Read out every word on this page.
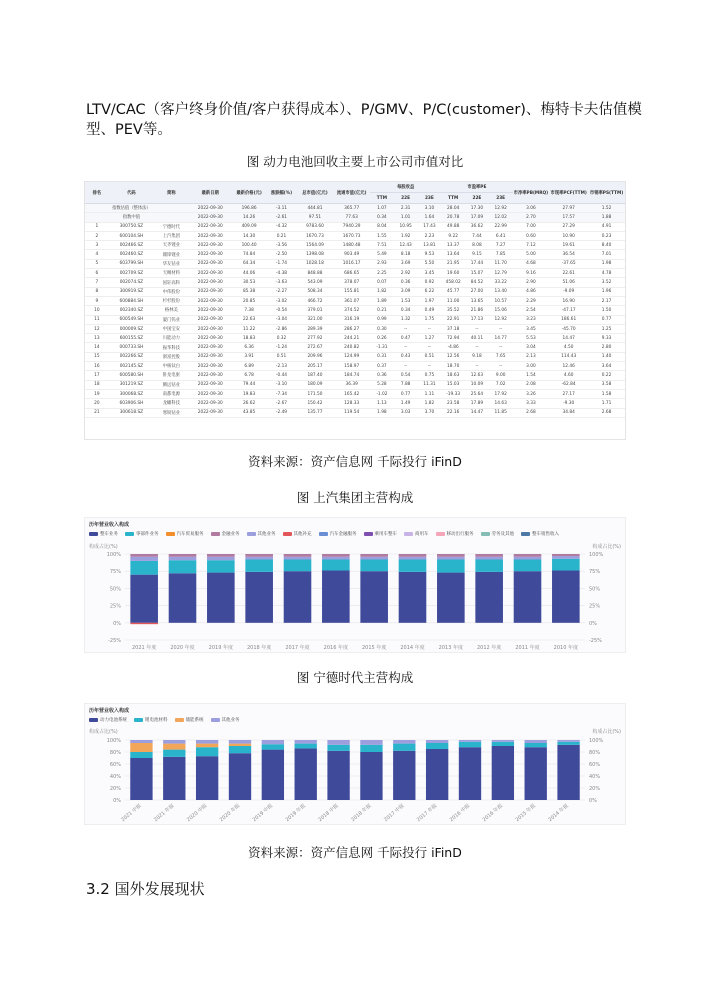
LTV/CAC（客户终身价值/客户获得成本）、P/GMV、P/C(customer)、梅特卡夫估值模型、PEV等。
图 动力电池回收主要上市公司市值对比
排名	代码	简称	最新日期	最新价格(元)	涨跌幅(%)	总市值(亿元)	流通市值(亿元)	每股收益			市盈率PE			市净率PB(MRQ)	市现率PCF(TTM)	市销率PS(TTM)
								TTM	22E	23E	TTM	22E	23E			
	指数估值（整体法）		2022-09-30	196.86	-3.11	444.81	365.77	1.07	2.31	3.10	28.04	17.30	12.92	3.06	27.97	1.52
	指数中值		2022-09-30	14.26	-2.61	97.51	77.63	0.34	1.01	1.64	20.78	17.09	12.02	2.70	17.57	1.88
1	300750.SZ	宁德时代	2022-09-30	409.09	-4.32	9783.60	7940.29	8.04	10.95	17.43	49.88	36.62	22.99	7.00	27.29	4.91
2	600104.SH	上汽集团	2022-09-30	14.30	0.21	1670.73	1670.73	1.55	1.92	2.23	9.22	7.44	6.41	0.60	10.90	0.23
3	002466.SZ	天齐锂业	2022-09-30	100.40	-3.56	1564.09	1480.48	7.51	12.43	13.81	13.37	8.08	7.27	7.12	19.61	8.40
4	002460.SZ	赣锋锂业	2022-09-30	74.84	-2.50	1398.08	903.49	5.49	8.18	9.53	13.64	9.15	7.85	5.00	36.54	7.01
5	603799.SH	华友钴业	2022-09-30	64.34	-1.74	1028.18	1016.17	2.93	3.69	5.50	21.95	17.44	11.70	4.68	-37.65	1.98
6	002709.SZ	天赐材料	2022-09-30	44.06	-4.38	848.88	686.65	2.25	2.92	3.45	19.60	15.07	12.79	9.16	22.61	4.78
7	002074.SZ	国轩高科	2022-09-30	30.53	-3.63	543.09	378.07	0.07	0.36	0.92	458.02	84.52	33.22	2.90	51.06	3.52
8	300919.SZ	中伟股份	2022-09-30	85.38	-2.27	508.34	155.81	1.82	3.09	6.22	45.77	27.00	13.40	4.86	-9.09	1.96
9	600884.SH	杉杉股份	2022-09-30	20.85	-3.02	466.72	361.07	1.89	1.53	1.97	11.00	13.65	10.57	2.29	16.90	2.17
10	002340.SZ	格林美	2022-09-30	7.38	-0.54	379.01	374.52	0.21	0.34	0.49	35.52	21.86	15.06	2.54	-47.17	1.50
11	600549.SH	厦门钨业	2022-09-30	22.63	-3.04	321.00	316.19	0.99	1.32	1.75	22.91	17.13	12.92	3.23	186.61	0.77
12	000009.SZ	中国宝安	2022-09-30	11.22	-2.86	289.39	286.27	0.30	--	--	37.18	--	--	3.45	-45.70	1.25
13	600155.SZ	川能动力	2022-09-30	18.83	0.32	277.92	244.21	0.26	0.47	1.27	72.94	40.11	14.77	5.53	14.47	9.33
14	000733.SH	振华科技	2022-09-30	6.36	-1.24	272.67	240.82	-1.31	--	--	-4.86	--	--	3.04	4.50	2.80
15	002266.SZ	浙富控股	2022-09-30	3.91	0.51	209.96	124.99	0.31	0.43	0.51	12.56	9.18	7.65	2.13	114.43	1.40
16	002145.SZ	中核钛白	2022-09-30	6.89	-2.13	205.17	158.97	0.37	--	--	18.70	--	--	3.00	12.46	3.64
17	600580.SH	卧龙电驱	2022-09-30	6.78	-0.44	187.40	184.74	0.36	0.54	0.75	18.63	12.63	9.00	1.54	4.60	0.22
18	301219.SZ	腾远钴业	2022-09-30	79.44	-3.10	180.09	36.39	5.28	7.88	11.31	15.03	10.09	7.02	2.08	-62.84	3.58
19	300068.SZ	南都电源	2022-09-30	19.83	-7.34	171.50	165.42	-1.02	0.77	1.11	-19.33	25.64	17.92	3.26	27.17	1.58
20	603906.SH	龙蟠科技	2022-09-30	26.62	-2.67	150.42	128.33	1.13	1.49	1.82	23.58	17.89	14.63	3.33	-9.30	1.71
21	300618.SZ	寒锐钴业	2022-09-30	43.85	-2.49	135.77	119.54	1.98	3.03	3.70	22.16	14.47	11.85	2.68	34.84	2.68
资料来源：资产信息网 千际投行 iFinD
图 上汽集团主营构成
历年营业收入构成
整车业务	零部件业务	汽车贸易服务	金融业务	其他业务	其他补充	汽车金融服务	乘用车整车	商用车	移动出行服务	劳务及其他	整车销售收入
构成占比(%)	构成占比(%)
100%	100%
75%	75%
50%	50%
25%	25%
0%	0%
-25%	-25%
2021 年度	2020 年度	2019 年度	2018 年度	2017 年度	2016 年度	2015 年度	2014 年度	2013 年度	2012 年度	2011 年度	2010 年度
图 宁德时代主营构成
历年营业收入构成
动力电池系统	锂电池材料	储能系统	其他业务
构成占比(%)	构成占比(%)
100%	100%
80%	80%
60%	60%
40%	40%
20%	20%
0%	0%
2021 中报 2021 年报 2020 中报 2020 年报 2019 中报 2019 年报 2018 中报 2018 年报 2017 中报 2017 年报 2016 中报 2016 年报 2015 年报 2014 年报
资料来源：资产信息网 千际投行 iFinD
3.2 国外发展现状
